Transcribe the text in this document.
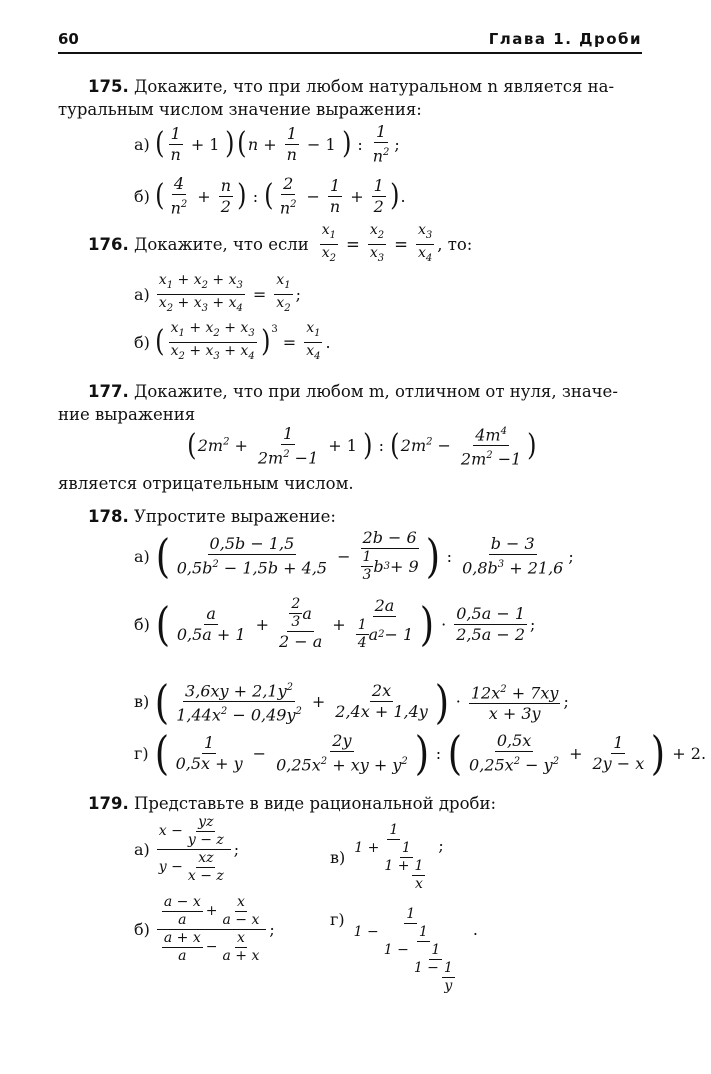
60	Глава 1. Дроби
175. Докажите, что при любом натуральном n является на-
туральным числом значение выражения:
а) ( 1
n
+ 1 ) ( $n + \frac{1}{n} - 1$ ) :
1
$n^2$ ;
б) ( 4
$n^2 + \frac{n}{2}$ ) : ( 2
$n^2 - \frac{1}{n} + \frac{1}{2}$ ) .
176. Докажите, что если $\frac{x_1}{x_2} = \frac{x_2}{x_3} = \frac{x_3}{x_4}$ , то:
$а) \frac{x_1 + x_2 + x_3}{x_2 + x_3 + x_4} = \frac{x_1}{x_2}$ ;
б) ( $x_1 + x_2 + x_3$
$x_2 + x_3 + x_4$ )$^3$
= $\frac{x_1}{x_4}$ .
177. Докажите, что при любом m, отличном от нуля, значе-
ние выражения
( $2m^2 + \frac{1}{2m^2 -1} + 1$ ) : ( $2m^2 - \frac{4m^4}{2m^2 -1}$ )
является отрицательным числом.
178. Упростите выражение:
а) ( 0,5b − 1,5
$0,5b^2 - 1,5b + 4,5$
− 2b − 6
1
3 b 3 + 9 ) :
b − 3
$0,8b^3 + 21,6$
;
б) ( a
0,5a + 1
+ 2
3 a
2 − a + 2a
1
4 a 2 − 1 ) ·
0,5a − 1
2,5a − 2
;
в) ( $3,6xy + 2,1y^2$
$1,44x^2 - 0,49y^2$
+ $\frac{2x}{2,4x + 1,4y}$ ) · $12x^2 + 7xy$
x + 3y
;
г) ( 1
0,5x + y
− $\frac{2y}{0,25x^2 + xy + y^2}$ ) : ( 0,5x
$0,25x^2 - y^2 + \frac{1}{2y - x}$ ) + 2.
179. Представьте в виде рациональной дроби:
а)
x −
yz
y − z
y −
xz
x − z
;	в)
1
1 + 1
1 + 1
x
;
б)
a − x
a
+
x
a − x
a + x
a
−
x
a + x
;
г)	1
1 −	1
1 − 1
1 − 1
y
.
